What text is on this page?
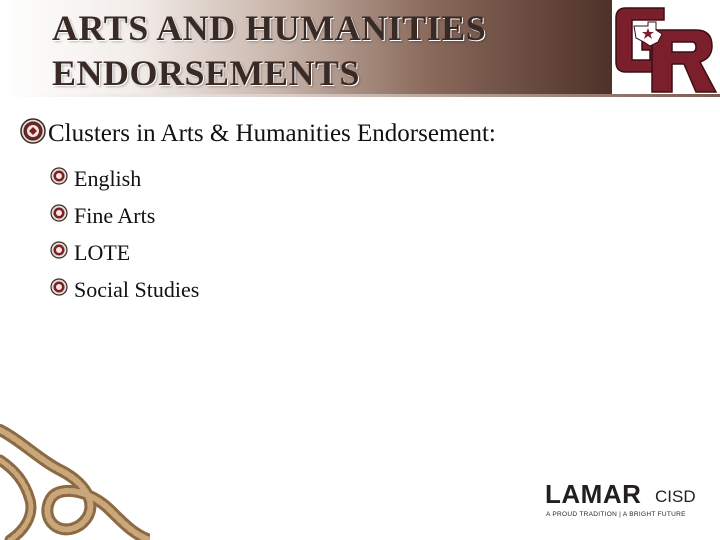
ARTS AND HUMANITIES
ENDORSEMENTS
Clusters in Arts & Humanities Endorsement:
English
Fine Arts
LOTE
Social Studies
LAMAR CISD
A PROUD TRADITION | A BRIGHT FUTURE
